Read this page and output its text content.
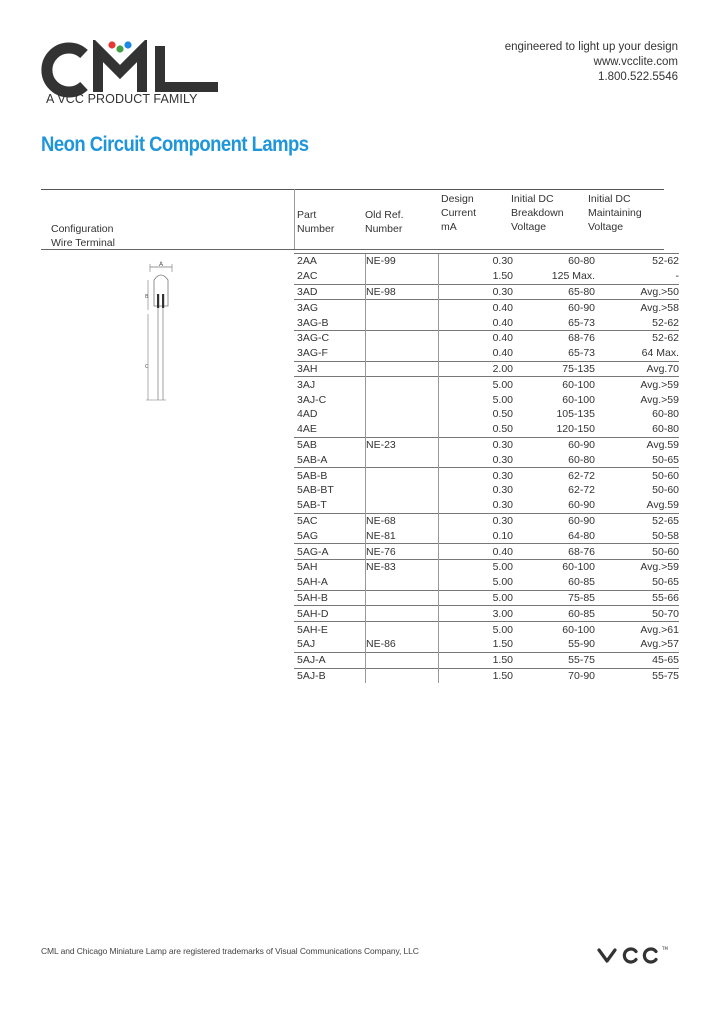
A VCC PRODUCT FAMILY
engineered to light up your design
www.vcclite.com
1.800.522.5546
Neon Circuit Component Lamps
Configuration
Wire Terminal
Part
Number
Old Ref.
Number
Design
Current
mA
Initial DC
Breakdown
Voltage
Initial DC
Maintaining
Voltage
A
B
C
2AA	NE-99	0.30	60-80	52-62
2AC		1.50	125 Max.	-
3AD	NE-98	0.30	65-80	Avg.>50
3AG		0.40	60-90	Avg.>58
3AG-B		0.40	65-73	52-62
3AG-C		0.40	68-76	52-62
3AG-F		0.40	65-73	64 Max.
3AH		2.00	75-135	Avg.70
3AJ		5.00	60-100	Avg.>59
3AJ-C		5.00	60-100	Avg.>59
4AD		0.50	105-135	60-80
4AE		0.50	120-150	60-80
5AB	NE-23	0.30	60-90	Avg.59
5AB-A		0.30	60-80	50-65
5AB-B		0.30	62-72	50-60
5AB-BT		0.30	62-72	50-60
5AB-T		0.30	60-90	Avg.59
5AC	NE-68	0.30	60-90	52-65
5AG	NE-81	0.10	64-80	50-58
5AG-A	NE-76	0.40	68-76	50-60
5AH	NE-83	5.00	60-100	Avg.>59
5AH-A		5.00	60-85	50-65
5AH-B		5.00	75-85	55-66
5AH-D		3.00	60-85	50-70
5AH-E		5.00	60-100	Avg.>61
5AJ	NE-86	1.50	55-90	Avg.>57
5AJ-A		1.50	55-75	45-65
5AJ-B		1.50	70-90	55-75
CML and Chicago Miniature Lamp are registered trademarks of Visual Communications Company, LLC	TM
